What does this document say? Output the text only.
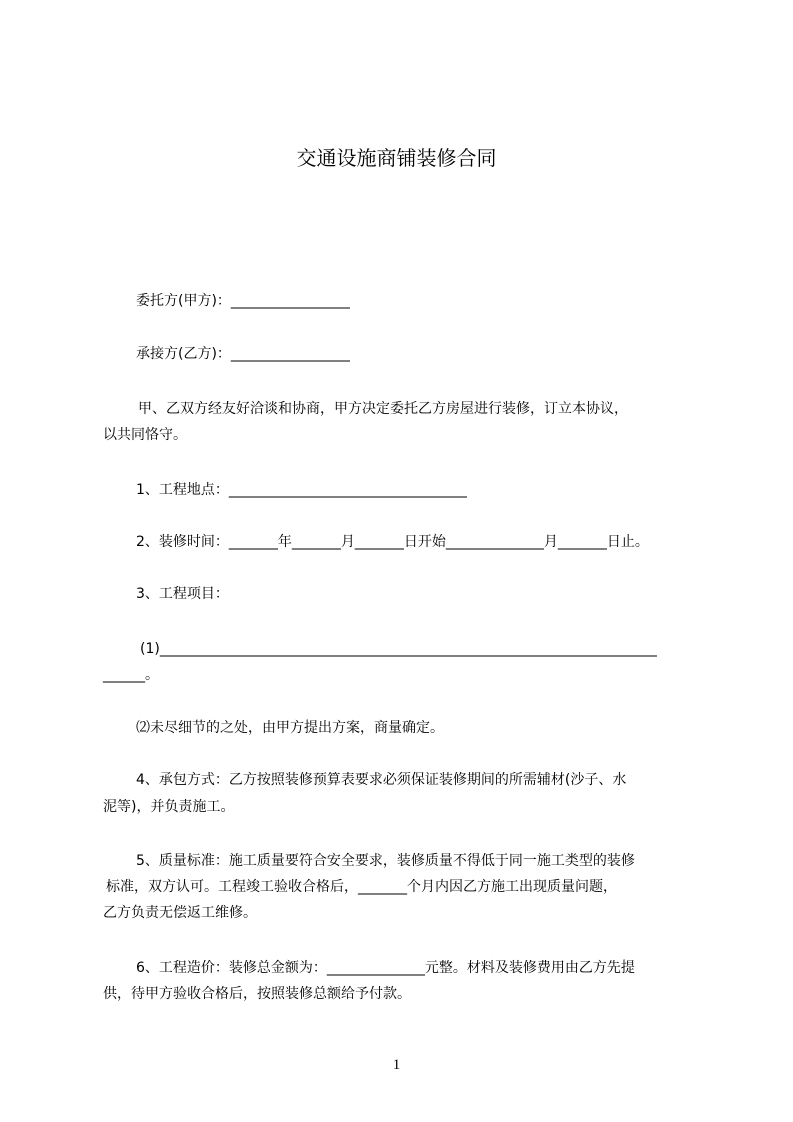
交通设施商铺装修合同
委托方(甲方)：_________________
承接方(乙方)：_________________
甲、乙双方经友好洽谈和协商，甲方决定委托乙方房屋进行装修，订立本协议，
以共同恪守。
1、工程地点：__________________________________
2、装修时间：_______年_______月_______日开始______________月_______日止。
3、工程项目：
(1)_______________________________________________________________________
______。
⑵未尽细节的之处，由甲方提出方案，商量确定。
4、承包方式：乙方按照装修预算表要求必须保证装修期间的所需辅材(沙子、水
泥等)，并负责施工。
5、质量标准：施工质量要符合安全要求，装修质量不得低于同一施工类型的装修
标准，双方认可。工程竣工验收合格后，_______个月内因乙方施工出现质量问题，
乙方负责无偿返工维修。
6、工程造价：装修总金额为：______________元整。材料及装修费用由乙方先提
供，待甲方验收合格后，按照装修总额给予付款。
1
